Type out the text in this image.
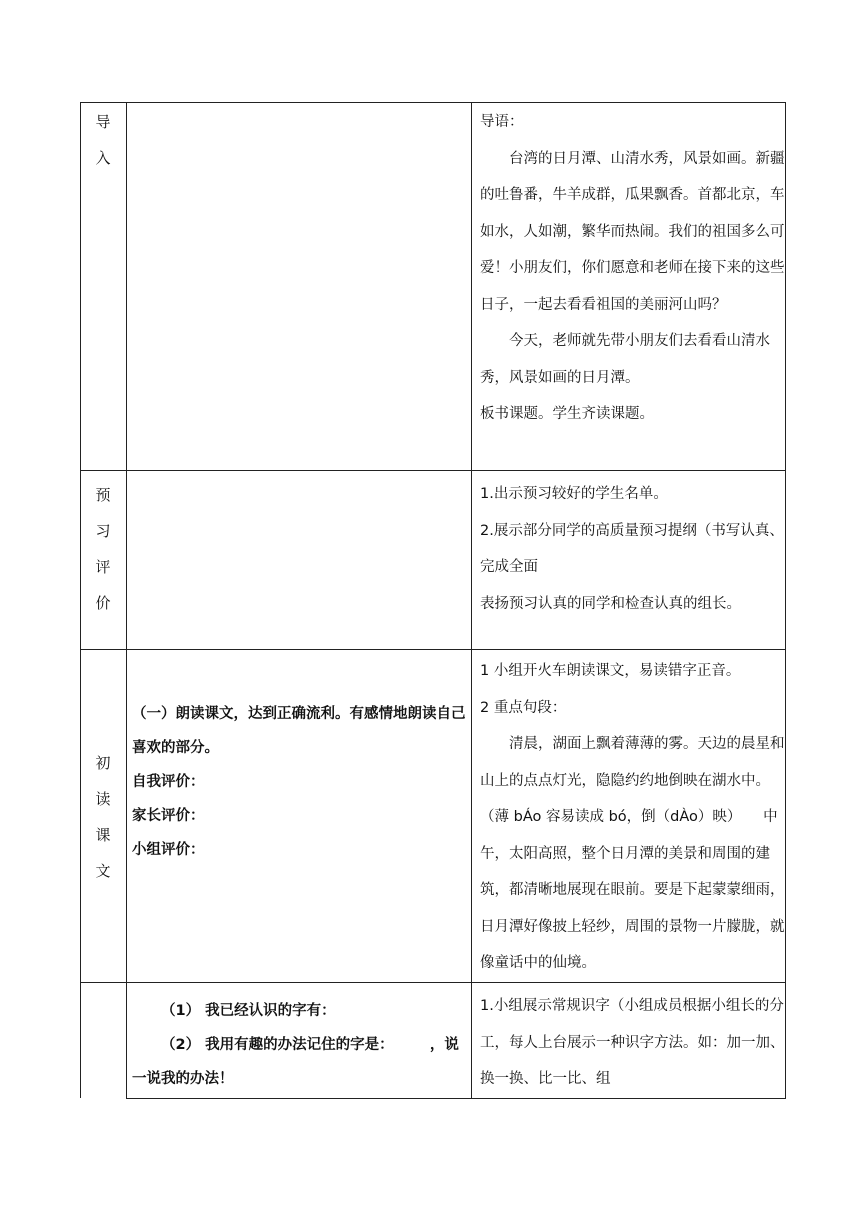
导
入

导语：

台湾的日月潭、山清水秀，风景如画。新疆的吐鲁番，牛羊成群，瓜果飘香。首都北京，车如水，人如潮，繁华而热闹。我们的祖国多么可爱！小朋友们，你们愿意和老师在接下来的这些日子，一起去看看祖国的美丽河山吗？

今天，老师就先带小朋友们去看看山清水秀，风景如画的日月潭。

板书课题。学生齐读课题。

预
习
评
价

1.出示预习较好的学生名单。

2.展示部分同学的高质量预习提纲（书写认真、完成全面

表扬预习认真的同学和检查认真的组长。

初
读
课
文

（一）朗读课文，达到正确流利。有感情地朗读自己喜欢的部分。

自我评价：

家长评价：

小组评价：

1 小组开火车朗读课文，易读错字正音。

2 重点句段：

清晨，湖面上飘着薄薄的雾。天边的晨星和山上的点点灯光，隐隐约约地倒映在湖水中。（薄 bÁo 容易读成 bó，倒（dÀo）映）　　中午，太阳高照，整个日月潭的美景和周围的建筑，都清晰地展现在眼前。要是下起蒙蒙细雨，日月潭好像披上轻纱，周围的景物一片朦胧，就像童话中的仙境。

（1） 我已经认识的字有：

（2） 我用有趣的办法记住的字是：　　　，说一说我的办法！

1.小组展示常规识字（小组成员根据小组长的分工，每人上台展示一种识字方法。如：加一加、换一换、比一比、组
